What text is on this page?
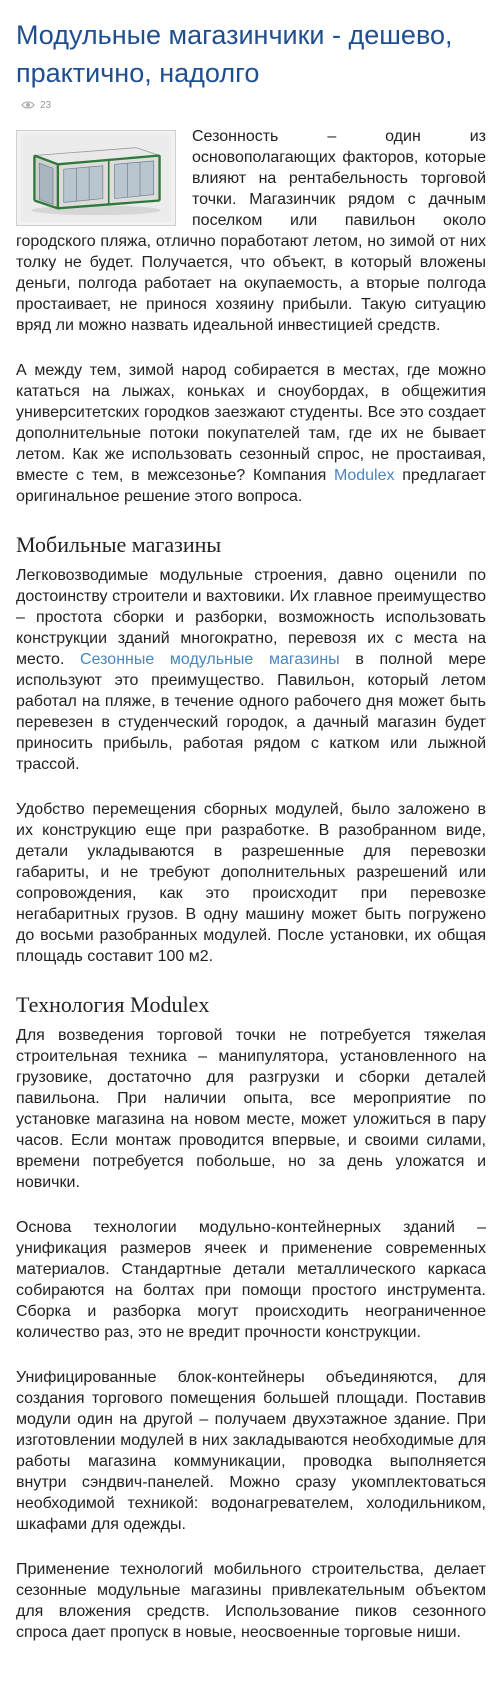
Модульные магазинчики - дешево, практично, надолго
23

Сезонность – один из основополагающих факторов, которые влияют на рентабельность торговой точки. Магазинчик рядом с дачным поселком или павильон около городского пляжа, отлично поработают летом, но зимой от них толку не будет. Получается, что объект, в который вложены деньги, полгода работает на окупаемость, а вторые полгода простаивает, не принося хозяину прибыли. Такую ситуацию вряд ли можно назвать идеальной инвестицией средств.

А между тем, зимой народ собирается в местах, где можно кататься на лыжах, коньках и сноубордах, в общежития университетских городков заезжают студенты. Все это создает дополнительные потоки покупателей там, где их не бывает летом. Как же использовать сезонный спрос, не простаивая, вместе с тем, в межсезонье? Компания Modulex предлагает оригинальное решение этого вопроса.

Мобильные магазины

Легковозводимые модульные строения, давно оценили по достоинству строители и вахтовики. Их главное преимущество – простота сборки и разборки, возможность использовать конструкции зданий многократно, перевозя их с места на место. Сезонные модульные магазины в полной мере используют это преимущество. Павильон, который летом работал на пляже, в течение одного рабочего дня может быть перевезен в студенческий городок, а дачный магазин будет приносить прибыль, работая рядом с катком или лыжной трассой.

Удобство перемещения сборных модулей, было заложено в их конструкцию еще при разработке. В разобранном виде, детали укладываются в разрешенные для перевозки габариты, и не требуют дополнительных разрешений или сопровождения, как это происходит при перевозке негабаритных грузов. В одну машину может быть погружено до восьми разобранных модулей. После установки, их общая площадь составит 100 м2.

Технология Modulex

Для возведения торговой точки не потребуется тяжелая строительная техника – манипулятора, установленного на грузовике, достаточно для разгрузки и сборки деталей павильона. При наличии опыта, все мероприятие по установке магазина на новом месте, может уложиться в пару часов. Если монтаж проводится впервые, и своими силами, времени потребуется побольше, но за день уложатся и новички.

Основа технологии модульно-контейнерных зданий – унификация размеров ячеек и применение современных материалов. Стандартные детали металлического каркаса собираются на болтах при помощи простого инструмента. Сборка и разборка могут происходить неограниченное количество раз, это не вредит прочности конструкции.

Унифицированные блок-контейнеры объединяются, для создания торгового помещения большей площади. Поставив модули один на другой – получаем двухэтажное здание. При изготовлении модулей в них закладываются необходимые для работы магазина коммуникации, проводка выполняется внутри сэндвич-панелей. Можно сразу укомплектоваться необходимой техникой: водонагревателем, холодильником, шкафами для одежды.

Применение технологий мобильного строительства, делает сезонные модульные магазины привлекательным объектом для вложения средств. Использование пиков сезонного спроса дает пропуск в новые, неосвоенные торговые ниши.
